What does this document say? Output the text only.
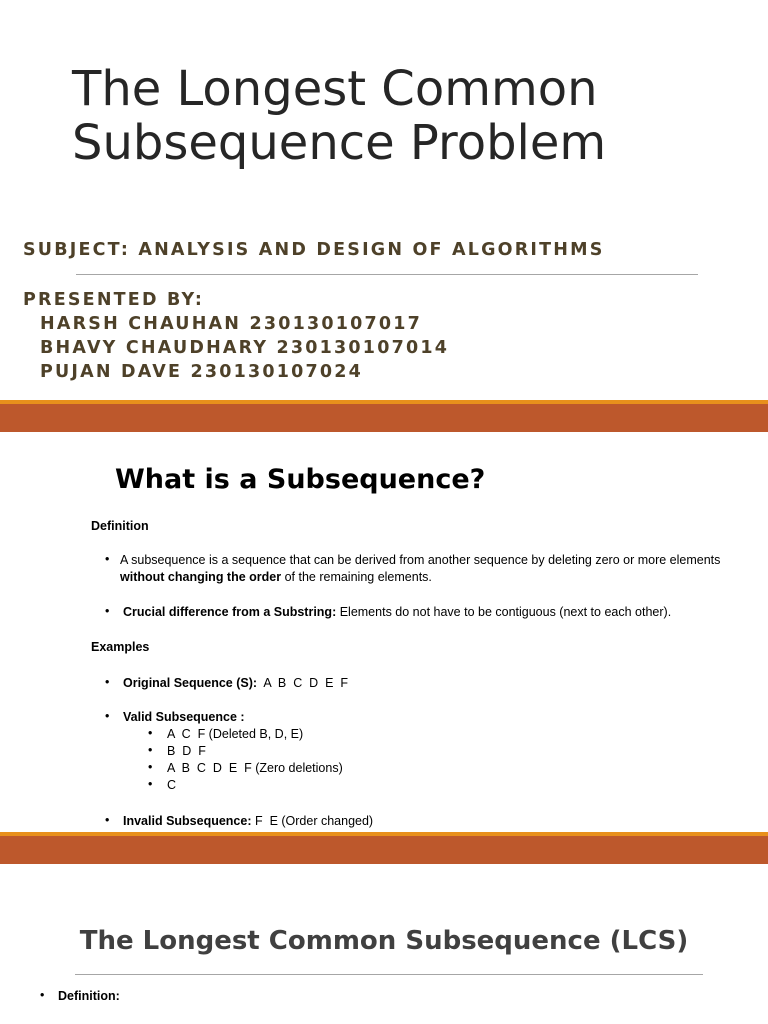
The Longest Common
Subsequence Problem

SUBJECT: ANALYSIS AND DESIGN OF ALGORITHMS

PRESENTED BY:
HARSH CHAUHAN 230130107017
BHAVY CHAUDHARY 230130107014
PUJAN DAVE 230130107024
What is a Subsequence?

Definition

• A subsequence is a sequence that can be derived from another sequence by deleting zero or more elements
without changing the order of the remaining elements.

• Crucial difference from a Substring: Elements do not have to be contiguous (next to each other).

Examples

• Original Sequence (S):  A  B  C  D  E  F

• Valid Subsequence :

• A  C  F (Deleted B, D, E)

• B  D  F

• A  B  C  D  E  F (Zero deletions)

• C

• Invalid Subsequence: F  E (Order changed)

The Longest Common Subsequence (LCS)
• Definition:
